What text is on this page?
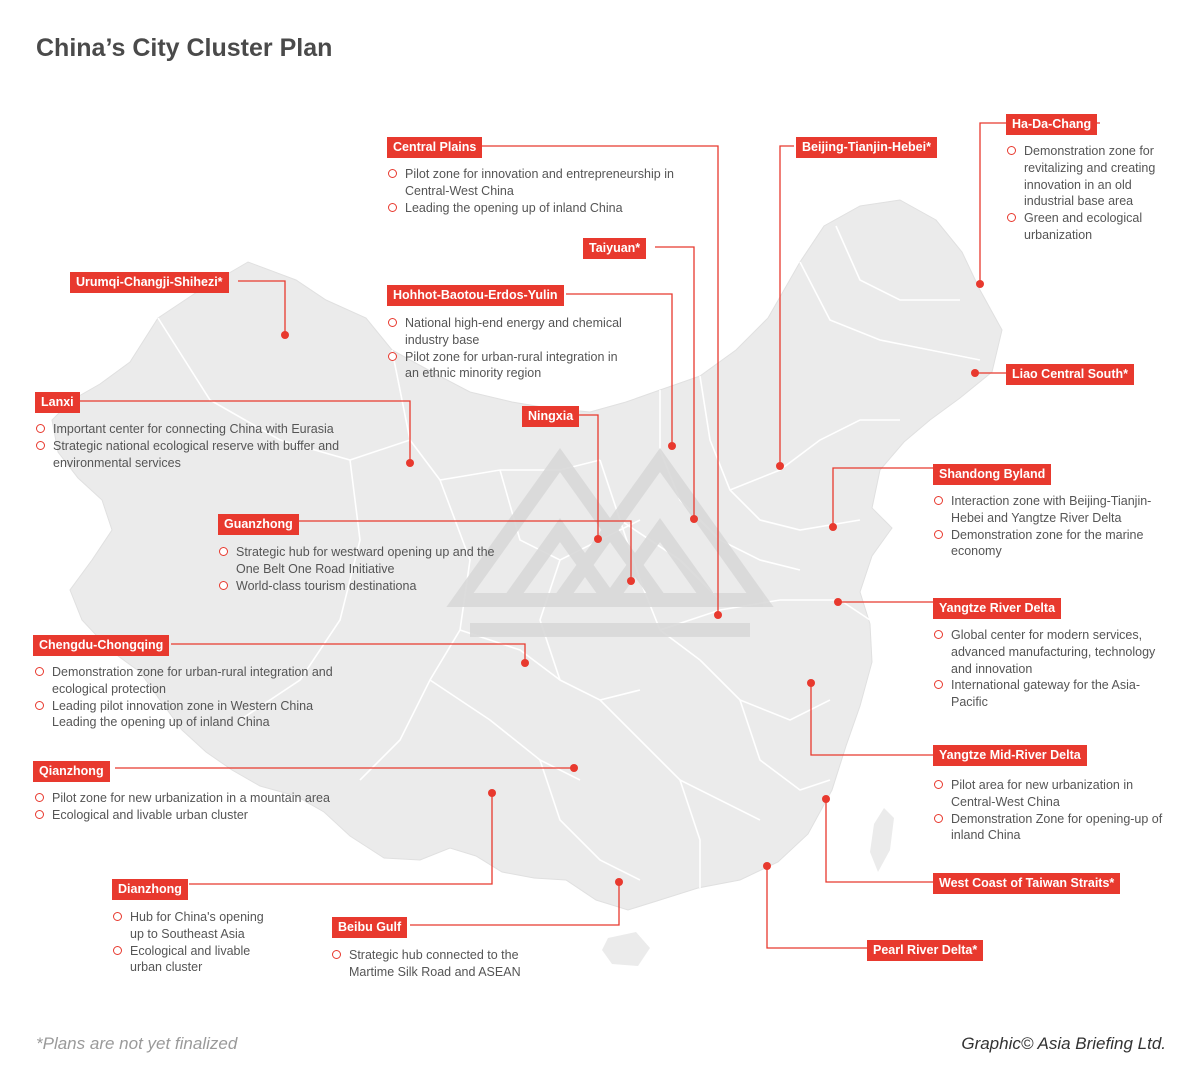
China’s City Cluster Plan
Ha-Da-Chang
Demonstration zone for revitalizing and creating innovation in an old industrial base area
Green and ecological urbanization
Beijing-Tianjin-Hebei*
Central Plains
Pilot zone for innovation and entrepreneurship in Central-West China
Leading the opening up of inland China
Taiyuan*
Urumqi-Changji-Shihezi*
Hohhot-Baotou-Erdos-Yulin
National high-end energy and chemical industry base
Pilot zone for urban-rural integration in an ethnic minority region	Liao Central South*
Lanxi
Important center for connecting China with Eurasia
Strategic national ecological reserve with buffer and environmental services
Ningxia
Shandong Byland
Interaction zone with Beijing-Tianjin-Hebei and Yangtze River Delta
Demonstration zone for the marine economy
Guanzhong
Strategic hub for westward opening up and the One Belt One Road Initiative
World-class tourism destinationa
Yangtze River Delta
Global center for modern services, advanced manufacturing, technology and innovation
International gateway for the Asia-Pacific
Chengdu-Chongqing
Demonstration zone for urban-rural integration and ecological protection
Leading pilot innovation zone in Western China Leading the opening up of inland China
Yangtze Mid-River Delta
Pilot area for new urbanization in Central-West China
Demonstration Zone for opening-up of inland China
Qianzhong
Pilot zone for new urbanization in a mountain area
Ecological and livable urban cluster
West Coast of Taiwan Straits*
Dianzhong
Hub for China's opening up to Southeast Asia
Ecological and livable urban cluster
Beibu Gulf
Strategic hub connected to the Martime Silk Road and ASEAN
Pearl River Delta*
*Plans are not yet finalized	Graphic© Asia Briefing Ltd.
